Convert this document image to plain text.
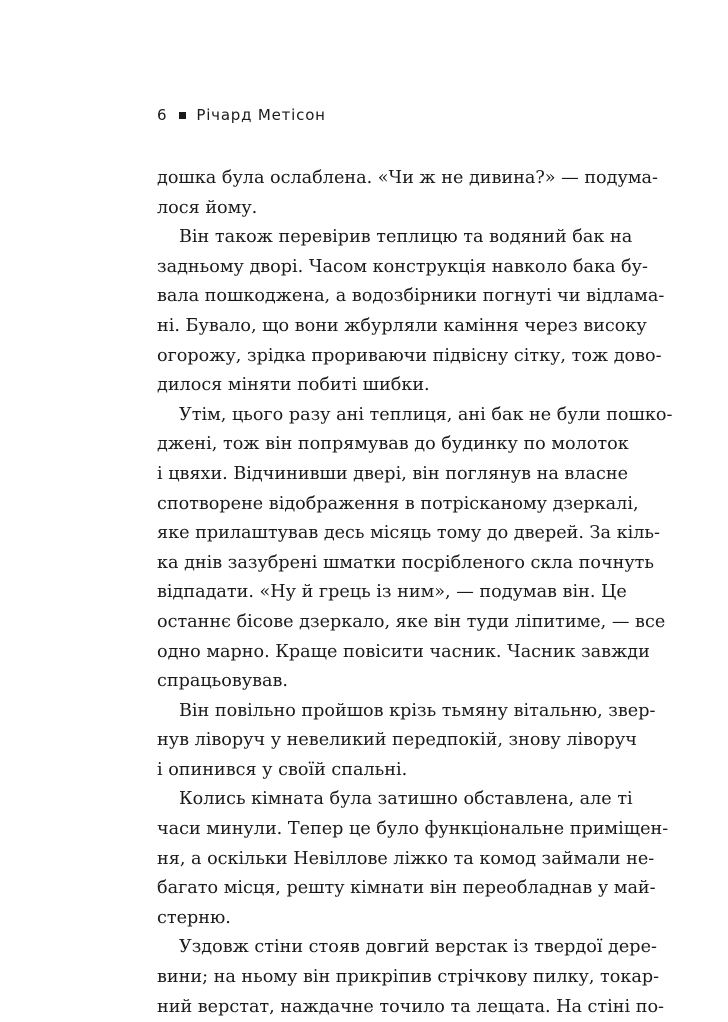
6 Річард Метісон
дошка була ослаблена. «Чи ж не дивина?» — подума-
лося йому.
Він також перевірив теплицю та водяний бак на
задньому дворі. Часом конструкція навколо бака бу-
вала пошкоджена, а водозбірники погнуті чи відлама-
ні. Бувало, що вони жбурляли каміння через високу
огорожу, зрідка прориваючи підвісну сітку, тож дово-
дилося міняти побиті шибки.
Утім, цього разу ані теплиця, ані бак не були пошко-
джені, тож він попрямував до будинку по молоток
і цвяхи. Відчинивши двері, він поглянув на власне
спотворене відображення в потрісканому дзеркалі,
яке прилаштував десь місяць тому до дверей. За кіль-
ка днів зазубрені шматки посрібленого скла почнуть
відпадати. «Ну й грець із ним», — подумав він. Це
останнє бісове дзеркало, яке він туди ліпитиме, — все
одно марно. Краще повісити часник. Часник завжди
спрацьовував.
Він повільно пройшов крізь тьмяну вітальню, звер-
нув ліворуч у невеликий передпокій, знову ліворуч
і опинився у своїй спальні.
Колись кімната була затишно обставлена, але ті
часи минули. Тепер це було функціональне приміщен-
ня, а оскільки Невіллове ліжко та комод займали не-
багато місця, решту кімнати він переобладнав у май-
стерню.
Уздовж стіни стояв довгий верстак із твердої дере-
вини; на ньому він прикріпив стрічкову пилку, токар-
ний верстат, наждачне точило та лещата. На стіні по-
